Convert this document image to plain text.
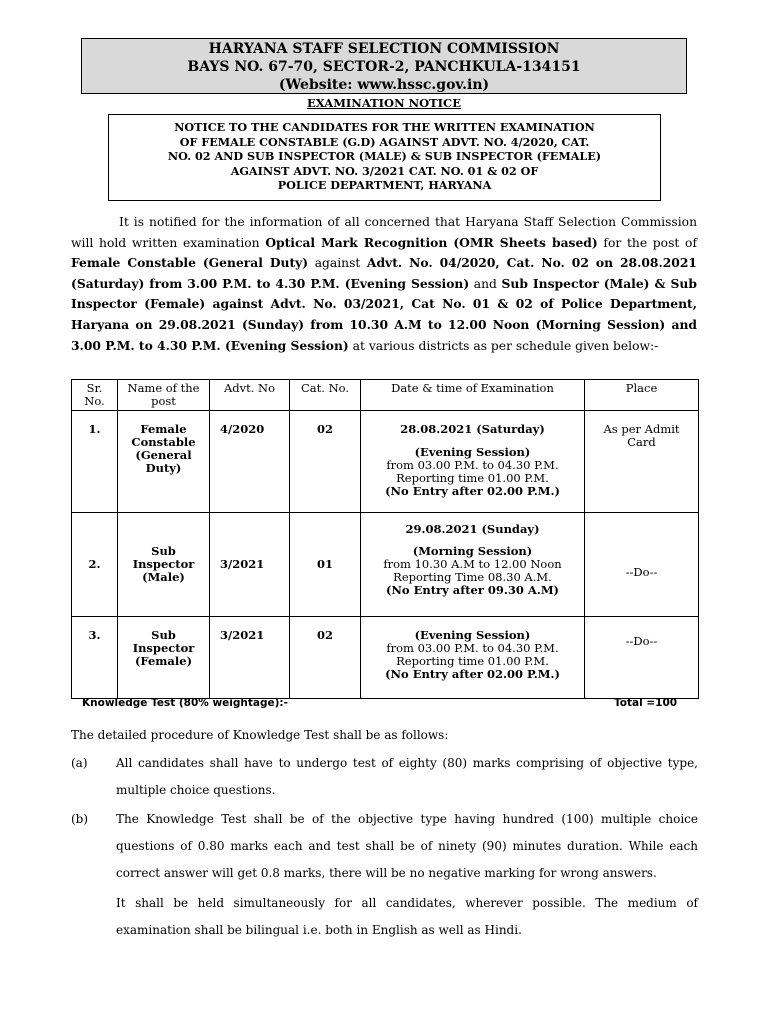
HARYANA STAFF SELECTION COMMISSION
BAYS NO. 67-70, SECTOR-2, PANCHKULA-134151
(Website: www.hssc.gov.in)
EXAMINATION NOTICE
NOTICE TO THE CANDIDATES FOR THE WRITTEN EXAMINATION
OF FEMALE CONSTABLE (G.D) AGAINST ADVT. NO. 4/2020, CAT.
NO. 02 AND SUB INSPECTOR (MALE) & SUB INSPECTOR (FEMALE)
AGAINST ADVT. NO. 3/2021 CAT. NO. 01 & 02 OF
POLICE DEPARTMENT, HARYANA

It is notified for the information of all concerned that Haryana Staff Selection Commission will hold written examination Optical Mark Recognition (OMR Sheets based) for the post of Female Constable (General Duty) against Advt. No. 04/2020, Cat. No. 02 on 28.08.2021 (Saturday) from 3.00 P.M. to 4.30 P.M. (Evening Session) and Sub Inspector (Male) & Sub Inspector (Female) against Advt. No. 03/2021, Cat No. 01 & 02 of Police Department, Haryana on 29.08.2021 (Sunday) from 10.30 A.M to 12.00 Noon (Morning Session) and 3.00 P.M. to 4.30 P.M. (Evening Session) at various districts as per schedule given below:-

Sr. No.	Name of the post	Advt. No	Cat. No.	Date & time of Examination	Place
1.	Female Constable (General Duty)	4/2020	02	28.08.2021 (Saturday)
(Evening Session)
from 03.00 P.M. to 04.30 P.M.
Reporting time 01.00 P.M.
(No Entry after 02.00 P.M.)	As per Admit Card
2.	Sub Inspector (Male)	3/2021	01	29.08.2021 (Sunday)
(Morning Session)
from 10.30 A.M to 12.00 Noon
Reporting Time 08.30 A.M.
(No Entry after 09.30 A.M)	--Do--
3.	Sub Inspector (Female)	3/2021	02	(Evening Session)
from 03.00 P.M. to 04.30 P.M.
Reporting time 01.00 P.M.
(No Entry after 02.00 P.M.)	--Do--
Knowledge Test (80% weightage):-	Total =100
The detailed procedure of Knowledge Test shall be as follows:
(a) All candidates shall have to undergo test of eighty (80) marks comprising of objective type, multiple choice questions.
(b) The Knowledge Test shall be of the objective type having hundred (100) multiple choice questions of 0.80 marks each and test shall be of ninety (90) minutes duration. While each correct answer will get 0.8 marks, there will be no negative marking for wrong answers.
It shall be held simultaneously for all candidates, wherever possible. The medium of examination shall be bilingual i.e. both in English as well as Hindi.
